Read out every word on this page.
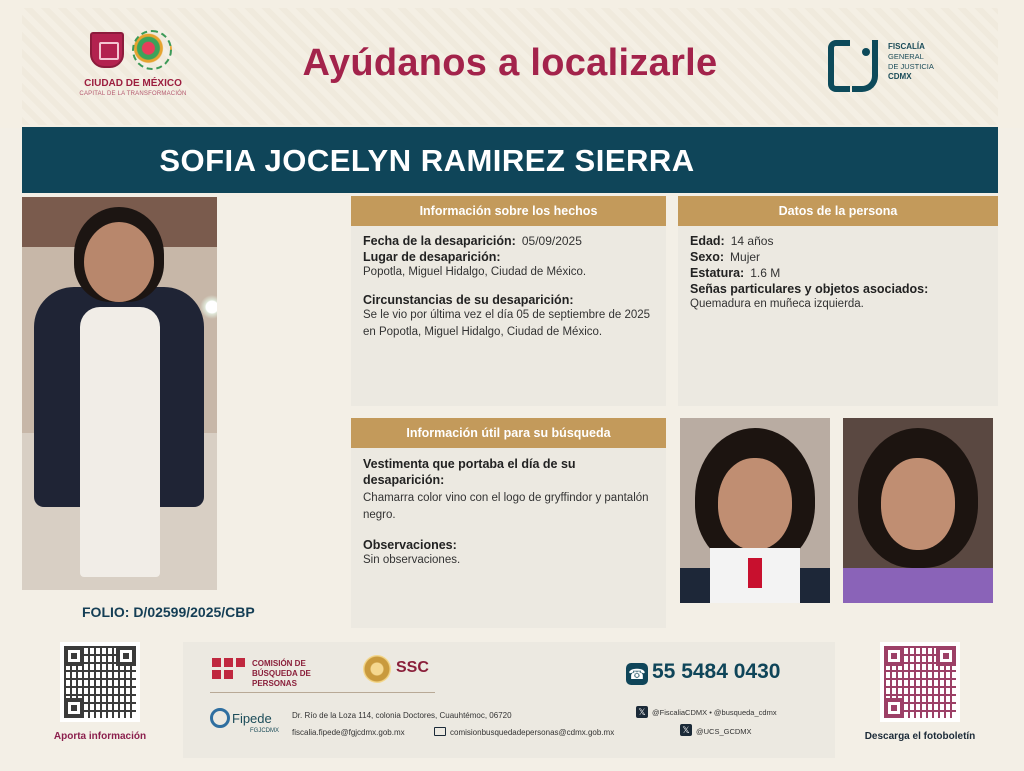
CIUDAD DE MÉXICO
CAPITAL DE LA TRANSFORMACIÓN
Ayúdanos a localizarle	FISCALÍA
GENERAL
DE JUSTICIA
CDMX
SOFIA JOCELYN RAMIREZ SIERRA
FOLIO: D/02599/2025/CBP
Información sobre los hechos
Fecha de la desaparición: 05/09/2025
Lugar de desaparición:
Popotla, Miguel Hidalgo, Ciudad de México.
Circunstancias de su desaparición:
Se le vio por última vez el día 05 de septiembre de 2025 en Popotla, Miguel Hidalgo, Ciudad de México.
Datos de la persona
Edad: 14 años
Sexo: Mujer
Estatura: 1.6 M
Señas particulares y objetos asociados:
Quemadura en muñeca izquierda.
Información útil para su búsqueda
Vestimenta que portaba el día de su desaparición:
Chamarra color vino con el logo de gryffindor y pantalón negro.
Observaciones:
Sin observaciones.
Aporta información
COMISIÓN DE BÚSQUEDA DE PERSONAS
SSC	☎ 55 5484 0430
Fipede
FGJCDMX
Dr. Río de la Loza 114, colonia Doctores, Cuauhtémoc, 06720
fiscalia.fipede@fgjcdmx.gob.mx	comisionbusquedadepersonas@cdmx.gob.mx
𝕏 @FiscaliaCDMX • @busqueda_cdmx
𝕏 @UCS_GCDMX	Descarga el fotoboletín
